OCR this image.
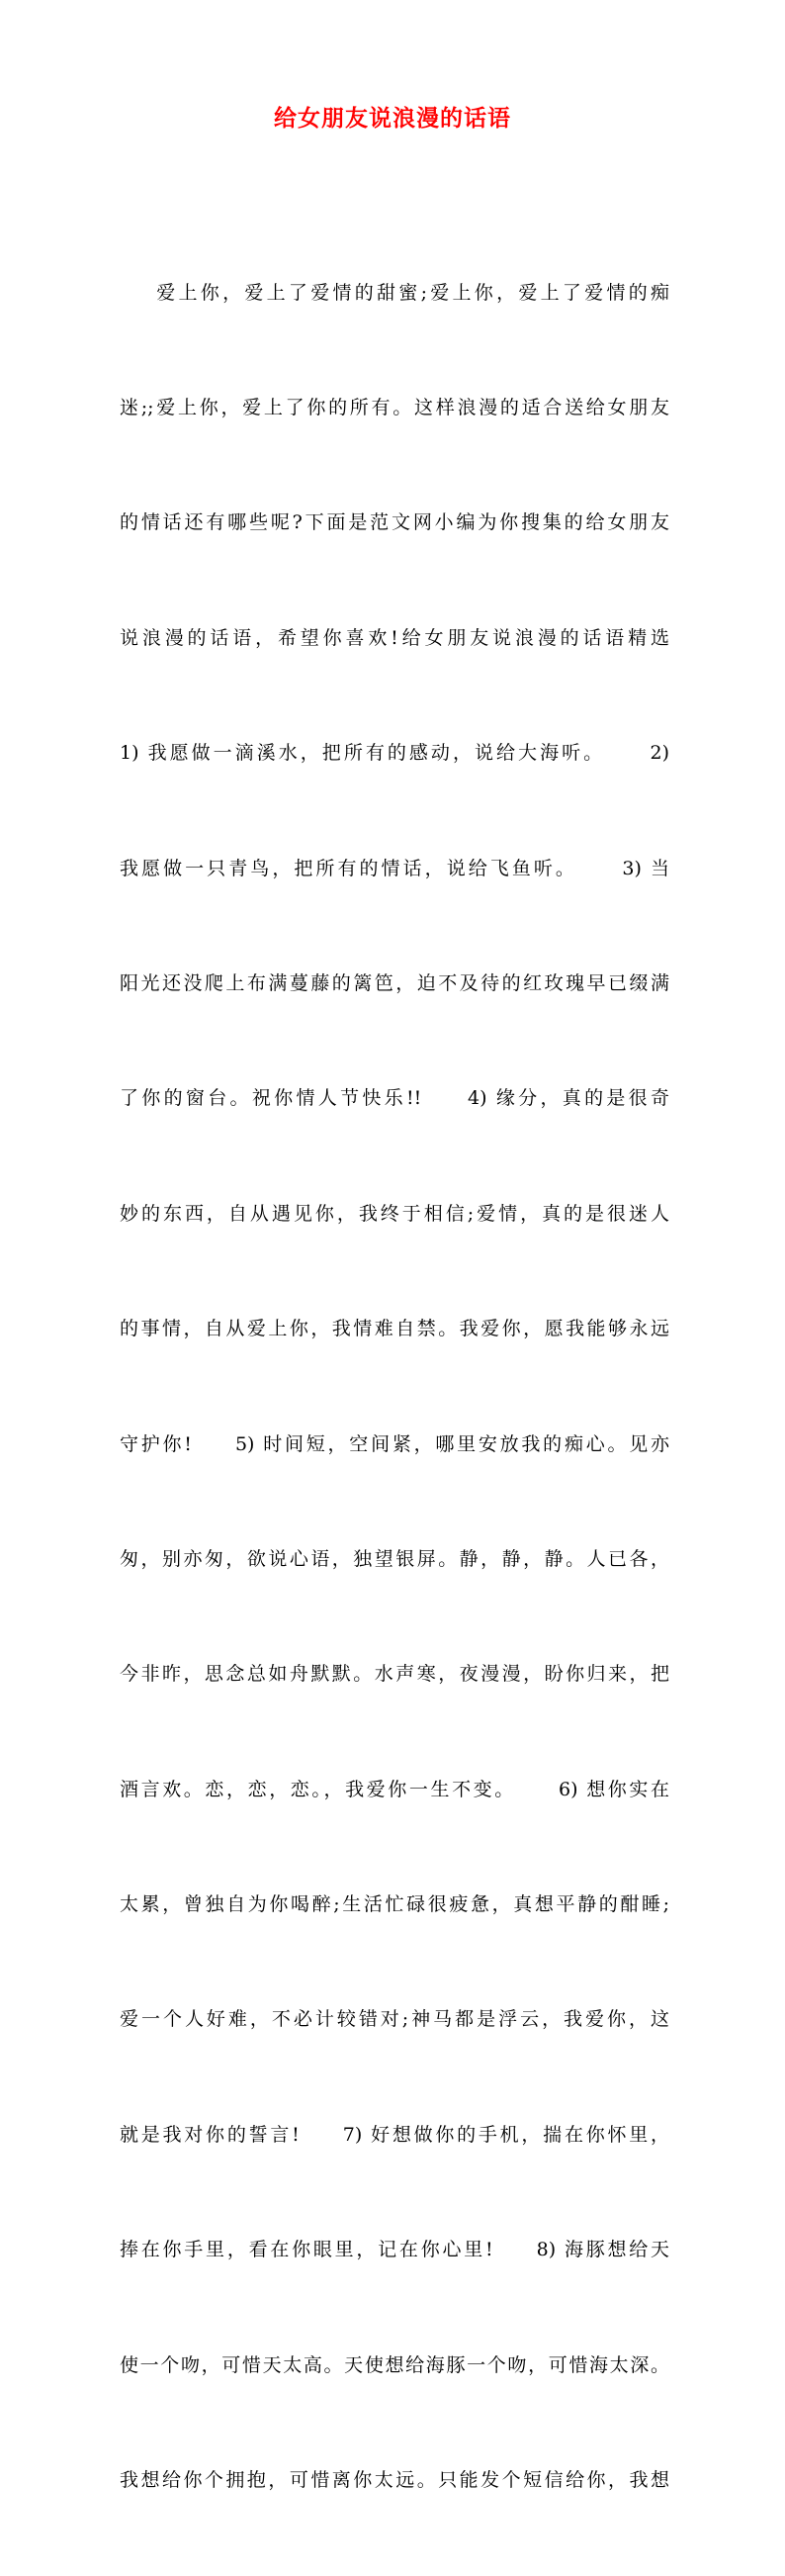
给女朋友说浪漫的话语

爱上你，爱上了爱情的甜蜜;爱上你，爱上了爱情的痴

迷;;爱上你，爱上了你的所有。这样浪漫的适合送给女朋友

的情话还有哪些呢?下面是范文网小编为你搜集的给女朋友

说浪漫的话语，希望你喜欢!给女朋友说浪漫的话语精选

1) 我愿做一滴溪水，把所有的感动，说给大海听。     2)

我愿做一只青鸟，把所有的情话，说给飞鱼听。     3) 当

阳光还没爬上布满蔓藤的篱笆，迫不及待的红玫瑰早已缀满

了你的窗台。祝你情人节快乐!!     4) 缘分，真的是很奇

妙的东西，自从遇见你，我终于相信;爱情，真的是很迷人

的事情，自从爱上你，我情难自禁。我爱你，愿我能够永远

守护你!     5) 时间短，空间紧，哪里安放我的痴心。见亦

匆，别亦匆，欲说心语，独望银屏。静，静，静。人已各，

今非昨，思念总如舟默默。水声寒，夜漫漫，盼你归来，把

酒言欢。恋，恋，恋。，我爱你一生不变。     6) 想你实在

太累，曾独自为你喝醉;生活忙碌很疲惫，真想平静的酣睡;

爱一个人好难，不必计较错对;神马都是浮云，我爱你，这

就是我对你的誓言!     7) 好想做你的手机，揣在你怀里，

捧在你手里，看在你眼里，记在你心里!     8) 海豚想给天

使一个吻，可惜天太高。天使想给海豚一个吻，可惜海太深。

我想给你个拥抱，可惜离你太远。只能发个短信给你，我想
